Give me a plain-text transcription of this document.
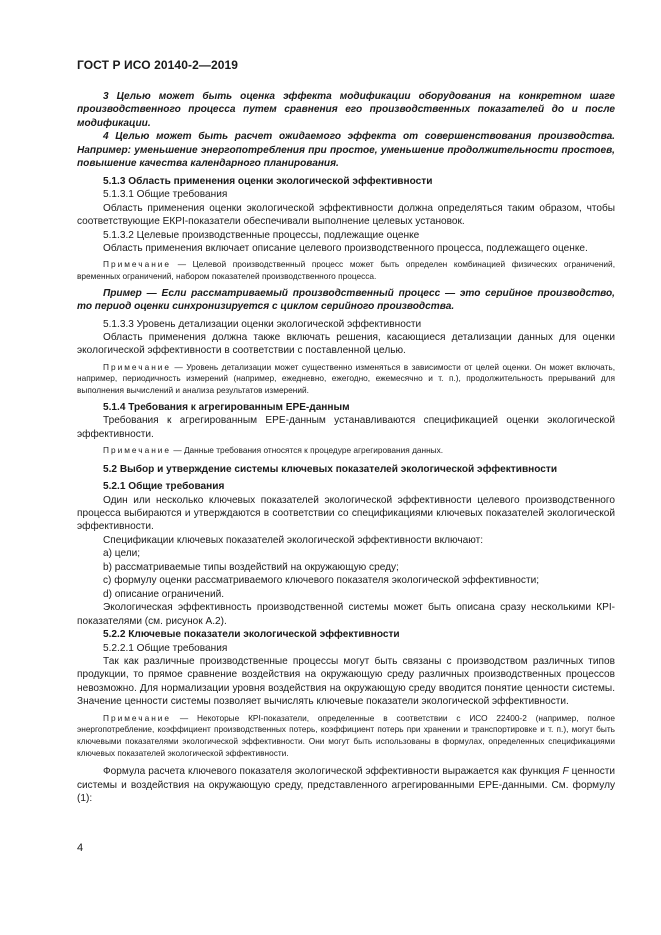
ГОСТ Р ИСО 20140-2—2019

3 Целью может быть оценка эффекта модификации оборудования на конкретном шаге производственного процесса путем сравнения его производственных показателей до и после модификации.

4 Целью может быть расчет ожидаемого эффекта от совершенствования производства. Например: уменьшение энергопотребления при простое, уменьшение продолжительности простоев, повышение качества календарного планирования.

5.1.3 Область применения оценки экологической эффективности

5.1.3.1 Общие требования

Область применения оценки экологической эффективности должна определяться таким образом, чтобы соответствующие ЕКРI-показатели обеспечивали выполнение целевых установок.

5.1.3.2 Целевые производственные процессы, подлежащие оценке

Область применения включает описание целевого производственного процесса, подлежащего оценке.

Примечание — Целевой производственный процесс может быть определен комбинацией физических ограничений, временных ограничений, набором показателей производственного процесса.

Пример — Если рассматриваемый производственный процесс — это серийное производство, то период оценки синхронизируется с циклом серийного производства.

5.1.3.3 Уровень детализации оценки экологической эффективности

Область применения должна также включать решения, касающиеся детализации данных для оценки экологической эффективности в соответствии с поставленной целью.

Примечание — Уровень детализации может существенно изменяться в зависимости от целей оценки. Он может включать, например, периодичность измерений (например, ежедневно, ежегодно, ежемесячно и т. п.), продолжительность прерываний для выполнения вычислений и анализа результатов измерений.

5.1.4 Требования к агрегированным ЕРЕ-данным

Требования к агрегированным ЕРЕ-данным устанавливаются спецификацией оценки экологической эффективности.

Примечание — Данные требования относятся к процедуре агрегирования данных.

5.2 Выбор и утверждение системы ключевых показателей экологической эффективности

5.2.1 Общие требования

Один или несколько ключевых показателей экологической эффективности целевого производственного процесса выбираются и утверждаются в соответствии со спецификациями ключевых показателей экологической эффективности.

Спецификации ключевых показателей экологической эффективности включают:

a) цели;

b) рассматриваемые типы воздействий на окружающую среду;

c) формулу оценки рассматриваемого ключевого показателя экологической эффективности;

d) описание ограничений.

Экологическая эффективность производственной системы может быть описана сразу несколькими КРI-показателями (см. рисунок А.2).

5.2.2 Ключевые показатели экологической эффективности

5.2.2.1 Общие требования

Так как различные производственные процессы могут быть связаны с производством различных типов продукции, то прямое сравнение воздействия на окружающую среду различных производственных процессов невозможно. Для нормализации уровня воздействия на окружающую среду вводится понятие ценности системы. Значение ценности системы позволяет вычислять ключевые показатели экологической эффективности.

Примечание — Некоторые КРI-показатели, определенные в соответствии с ИСО 22400-2 (например, полное энергопотребление, коэффициент производственных потерь, коэффициент потерь при хранении и транспортировке и т. п.), могут быть ключевыми показателями экологической эффективности. Они могут быть использованы в формулах, определенных спецификациями ключевых показателей экологической эффективности.

Формула расчета ключевого показателя экологической эффективности выражается как функция F ценности системы и воздействия на окружающую среду, представленного агрегированными ЕРЕ-данными. См. формулу (1):

4
